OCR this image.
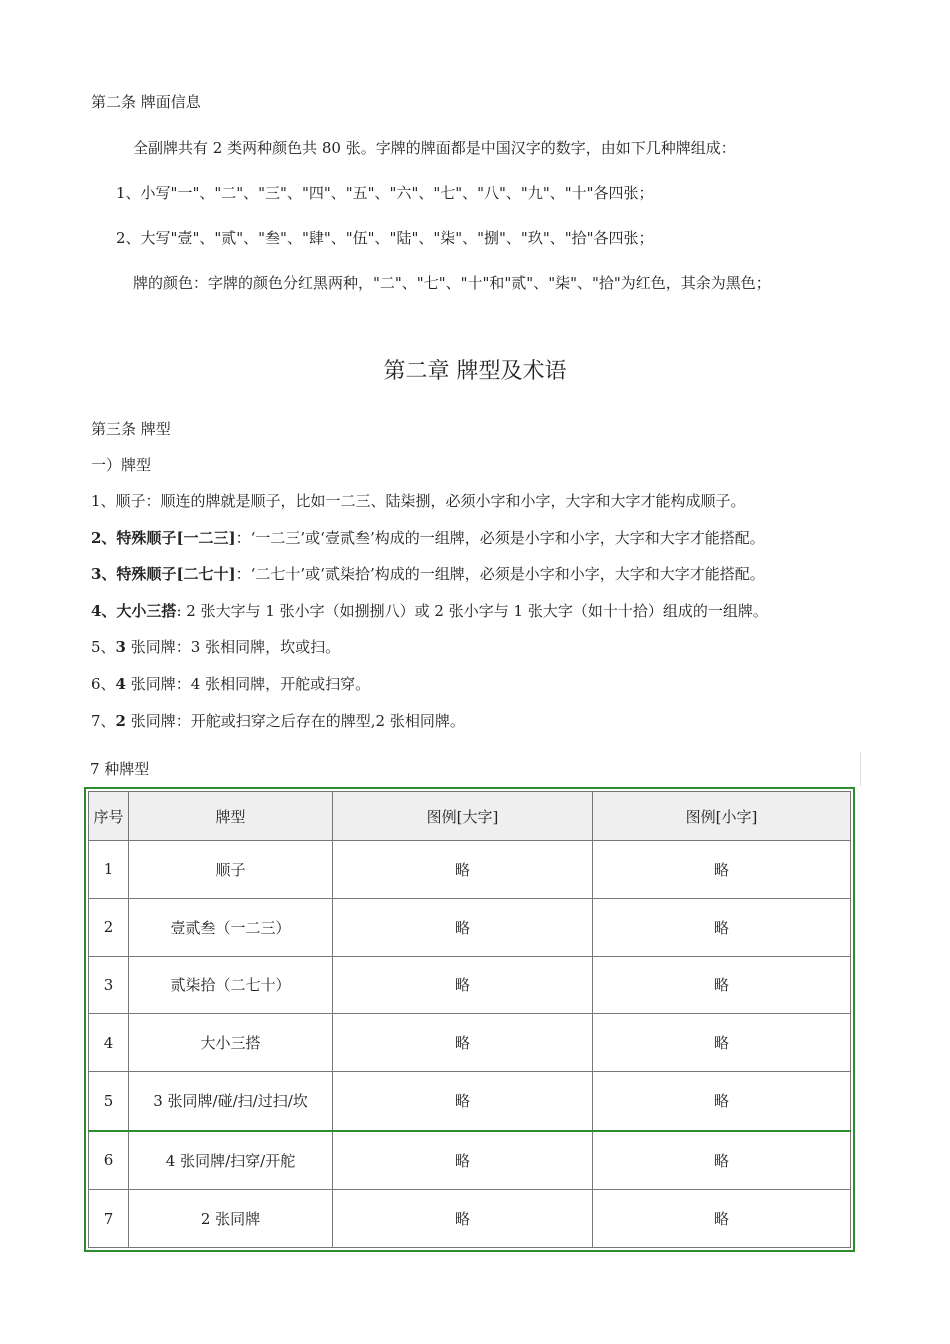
第二条 牌面信息
全副牌共有 2 类两种颜色共 80 张。字牌的牌面都是中国汉字的数字，由如下几种牌组成：
1、小写"一"、"二"、"三"、"四"、"五"、"六"、"七"、"八"、"九"、"十"各四张；
2、大写"壹"、"贰"、"叁"、"肆"、"伍"、"陆"、"柒"、"捌"、"玖"、"拾"各四张；
牌的颜色：字牌的颜色分红黑两种，"二"、"七"、"十"和"贰"、"柒"、"拾"为红色，其余为黑色；
第二章 牌型及术语
第三条 牌型
一）牌型
1、顺子：顺连的牌就是顺子，比如一二三、陆柒捌，必须小字和小字，大字和大字才能构成顺子。
2、特殊顺子[一二三]：‘一二三’或‘壹贰叁’构成的一组牌，必须是小字和小字，大字和大字才能搭配。
3、特殊顺子[二七十]：‘二七十’或‘贰柒拾’构成的一组牌，必须是小字和小字，大字和大字才能搭配。
4、大小三搭: 2 张大字与 1 张小字（如捌捌八）或 2 张小字与 1 张大字（如十十拾）组成的一组牌。
5、3 张同牌：3 张相同牌，坎或扫。
6、4 张同牌：4 张相同牌，开舵或扫穿。
7、2 张同牌：开舵或扫穿之后存在的牌型,2 张相同牌。
7 种牌型
序号	牌型	图例[大字]	图例[小字]
1	顺子	略	略
2	壹贰叁（一二三）	略	略
3	贰柒拾（二七十）	略	略
4	大小三搭	略	略
5	3 张同牌/碰/扫/过扫/坎	略	略
6	4 张同牌/扫穿/开舵	略	略
7	2 张同牌	略	略
